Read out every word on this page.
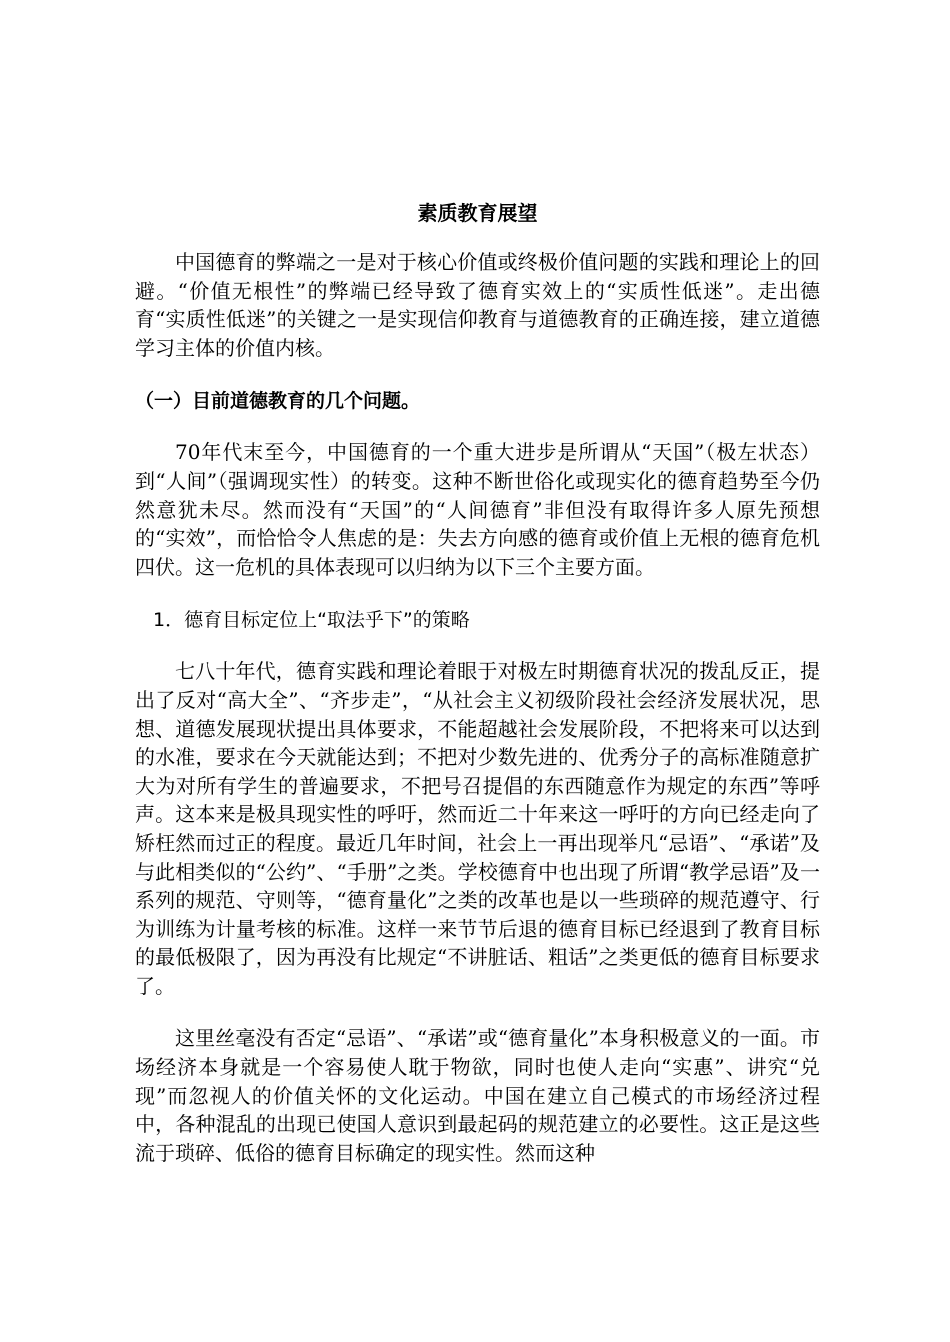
素质教育展望

中国德育的弊端之一是对于核心价值或终极价值问题的实践和理论上的回避。“价值无根性”的弊端已经导致了德育实效上的“实质性低迷”。走出德育“实质性低迷”的关键之一是实现信仰教育与道德教育的正确连接，建立道德学习主体的价值内核。

（一）目前道德教育的几个问题。

70年代末至今，中国德育的一个重大进步是所谓从“天国”（极左状态）到“人间”（强调现实性）的转变。这种不断世俗化或现实化的德育趋势至今仍然意犹未尽。然而没有“天国”的“人间德育”非但没有取得许多人原先预想的“实效”，而恰恰令人焦虑的是：失去方向感的德育或价值上无根的德育危机四伏。这一危机的具体表现可以归纳为以下三个主要方面。

1．德育目标定位上“取法乎下”的策略

七八十年代，德育实践和理论着眼于对极左时期德育状况的拨乱反正，提出了反对“高大全”、“齐步走”，“从社会主义初级阶段社会经济发展状况，思想、道德发展现状提出具体要求，不能超越社会发展阶段，不把将来可以达到的水准，要求在今天就能达到；不把对少数先进的、优秀分子的高标准随意扩大为对所有学生的普遍要求，不把号召提倡的东西随意作为规定的东西”等呼声。这本来是极具现实性的呼吁，然而近二十年来这一呼吁的方向已经走向了矫枉然而过正的程度。最近几年时间，社会上一再出现举凡“忌语”、“承诺”及与此相类似的“公约”、“手册”之类。学校德育中也出现了所谓“教学忌语”及一系列的规范、守则等，“德育量化”之类的改革也是以一些琐碎的规范遵守、行为训练为计量考核的标准。这样一来节节后退的德育目标已经退到了教育目标的最低极限了，因为再没有比规定“不讲脏话、粗话”之类更低的德育目标要求了。

这里丝毫没有否定“忌语”、“承诺”或“德育量化”本身积极意义的一面。市场经济本身就是一个容易使人耽于物欲，同时也使人走向“实惠”、讲究“兑现”而忽视人的价值关怀的文化运动。中国在建立自己模式的市场经济过程中，各种混乱的出现已使国人意识到最起码的规范建立的必要性。这正是这些流于琐碎、低俗的德育目标确定的现实性。然而这种
